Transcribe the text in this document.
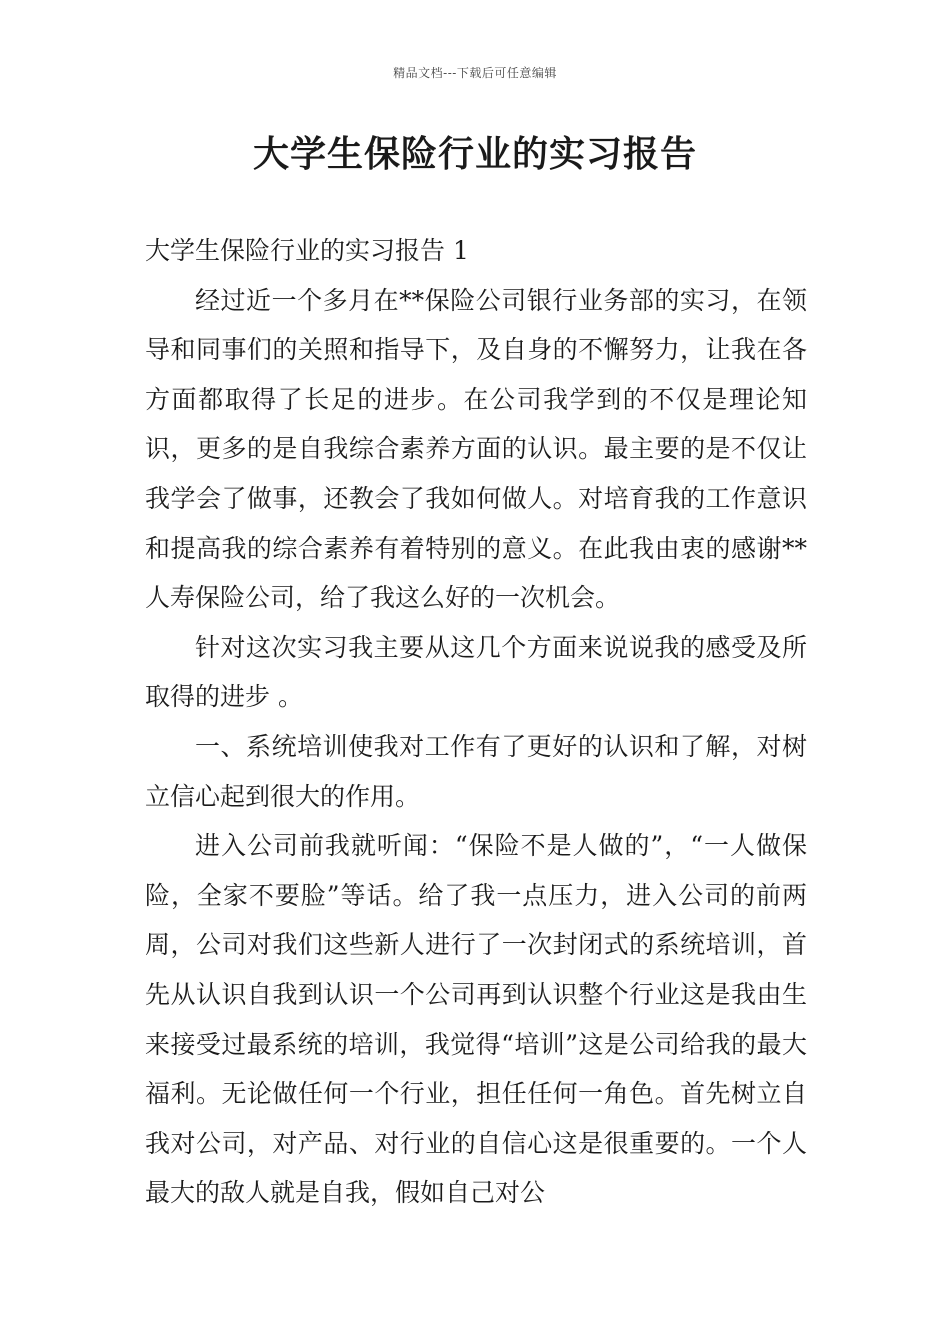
精品文档---下载后可任意编辑
大学生保险行业的实习报告

大学生保险行业的实习报告 1

经过近一个多月在**保险公司银行业务部的实习，在领导和同事们的关照和指导下，及自身的不懈努力，让我在各方面都取得了长足的进步。在公司我学到的不仅是理论知识，更多的是自我综合素养方面的认识。最主要的是不仅让我学会了做事，还教会了我如何做人。对培育我的工作意识和提高我的综合素养有着特别的意义。在此我由衷的感谢**人寿保险公司，给了我这么好的一次机会。

针对这次实习我主要从这几个方面来说说我的感受及所取得的进步 。

一、系统培训使我对工作有了更好的认识和了解，对树立信心起到很大的作用。

进入公司前我就听闻：“保险不是人做的”，“一人做保险，全家不要脸”等话。给了我一点压力，进入公司的前两周，公司对我们这些新人进行了一次封闭式的系统培训，首先从认识自我到认识一个公司再到认识整个行业这是我由生来接受过最系统的培训，我觉得“培训”这是公司给我的最大福利。无论做任何一个行业，担任任何一角色。首先树立自我对公司，对产品、对行业的自信心这是很重要的。一个人最大的敌人就是自我，假如自己对公
